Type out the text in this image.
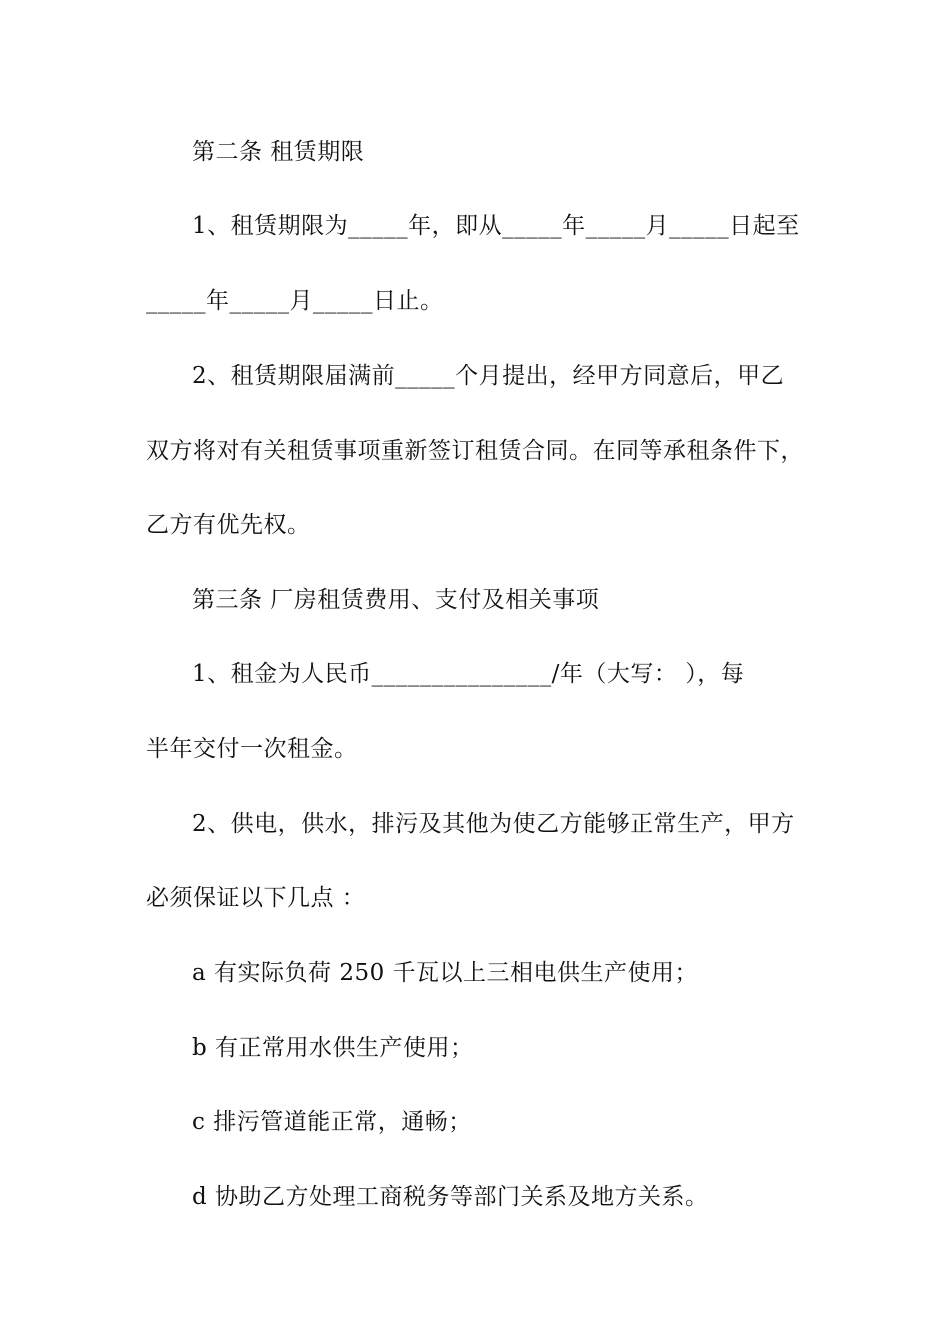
第二条 租赁期限
1、租赁期限为_____年，即从_____年_____月_____日起至
_____年_____月_____日止。
2、租赁期限届满前_____个月提出，经甲方同意后，甲乙
双方将对有关租赁事项重新签订租赁合同。在同等承租条件下，
乙方有优先权。
第三条 厂房租赁费用、支付及相关事项
1、租金为人民币_______________/年（大写： ），每
半年交付一次租金。
2、供电，供水，排污及其他为使乙方能够正常生产，甲方
必须保证以下几点 ：
a 有实际负荷 250 千瓦以上三相电供生产使用；
b 有正常用水供生产使用；
c 排污管道能正常，通畅；
d 协助乙方处理工商税务等部门关系及地方关系。
